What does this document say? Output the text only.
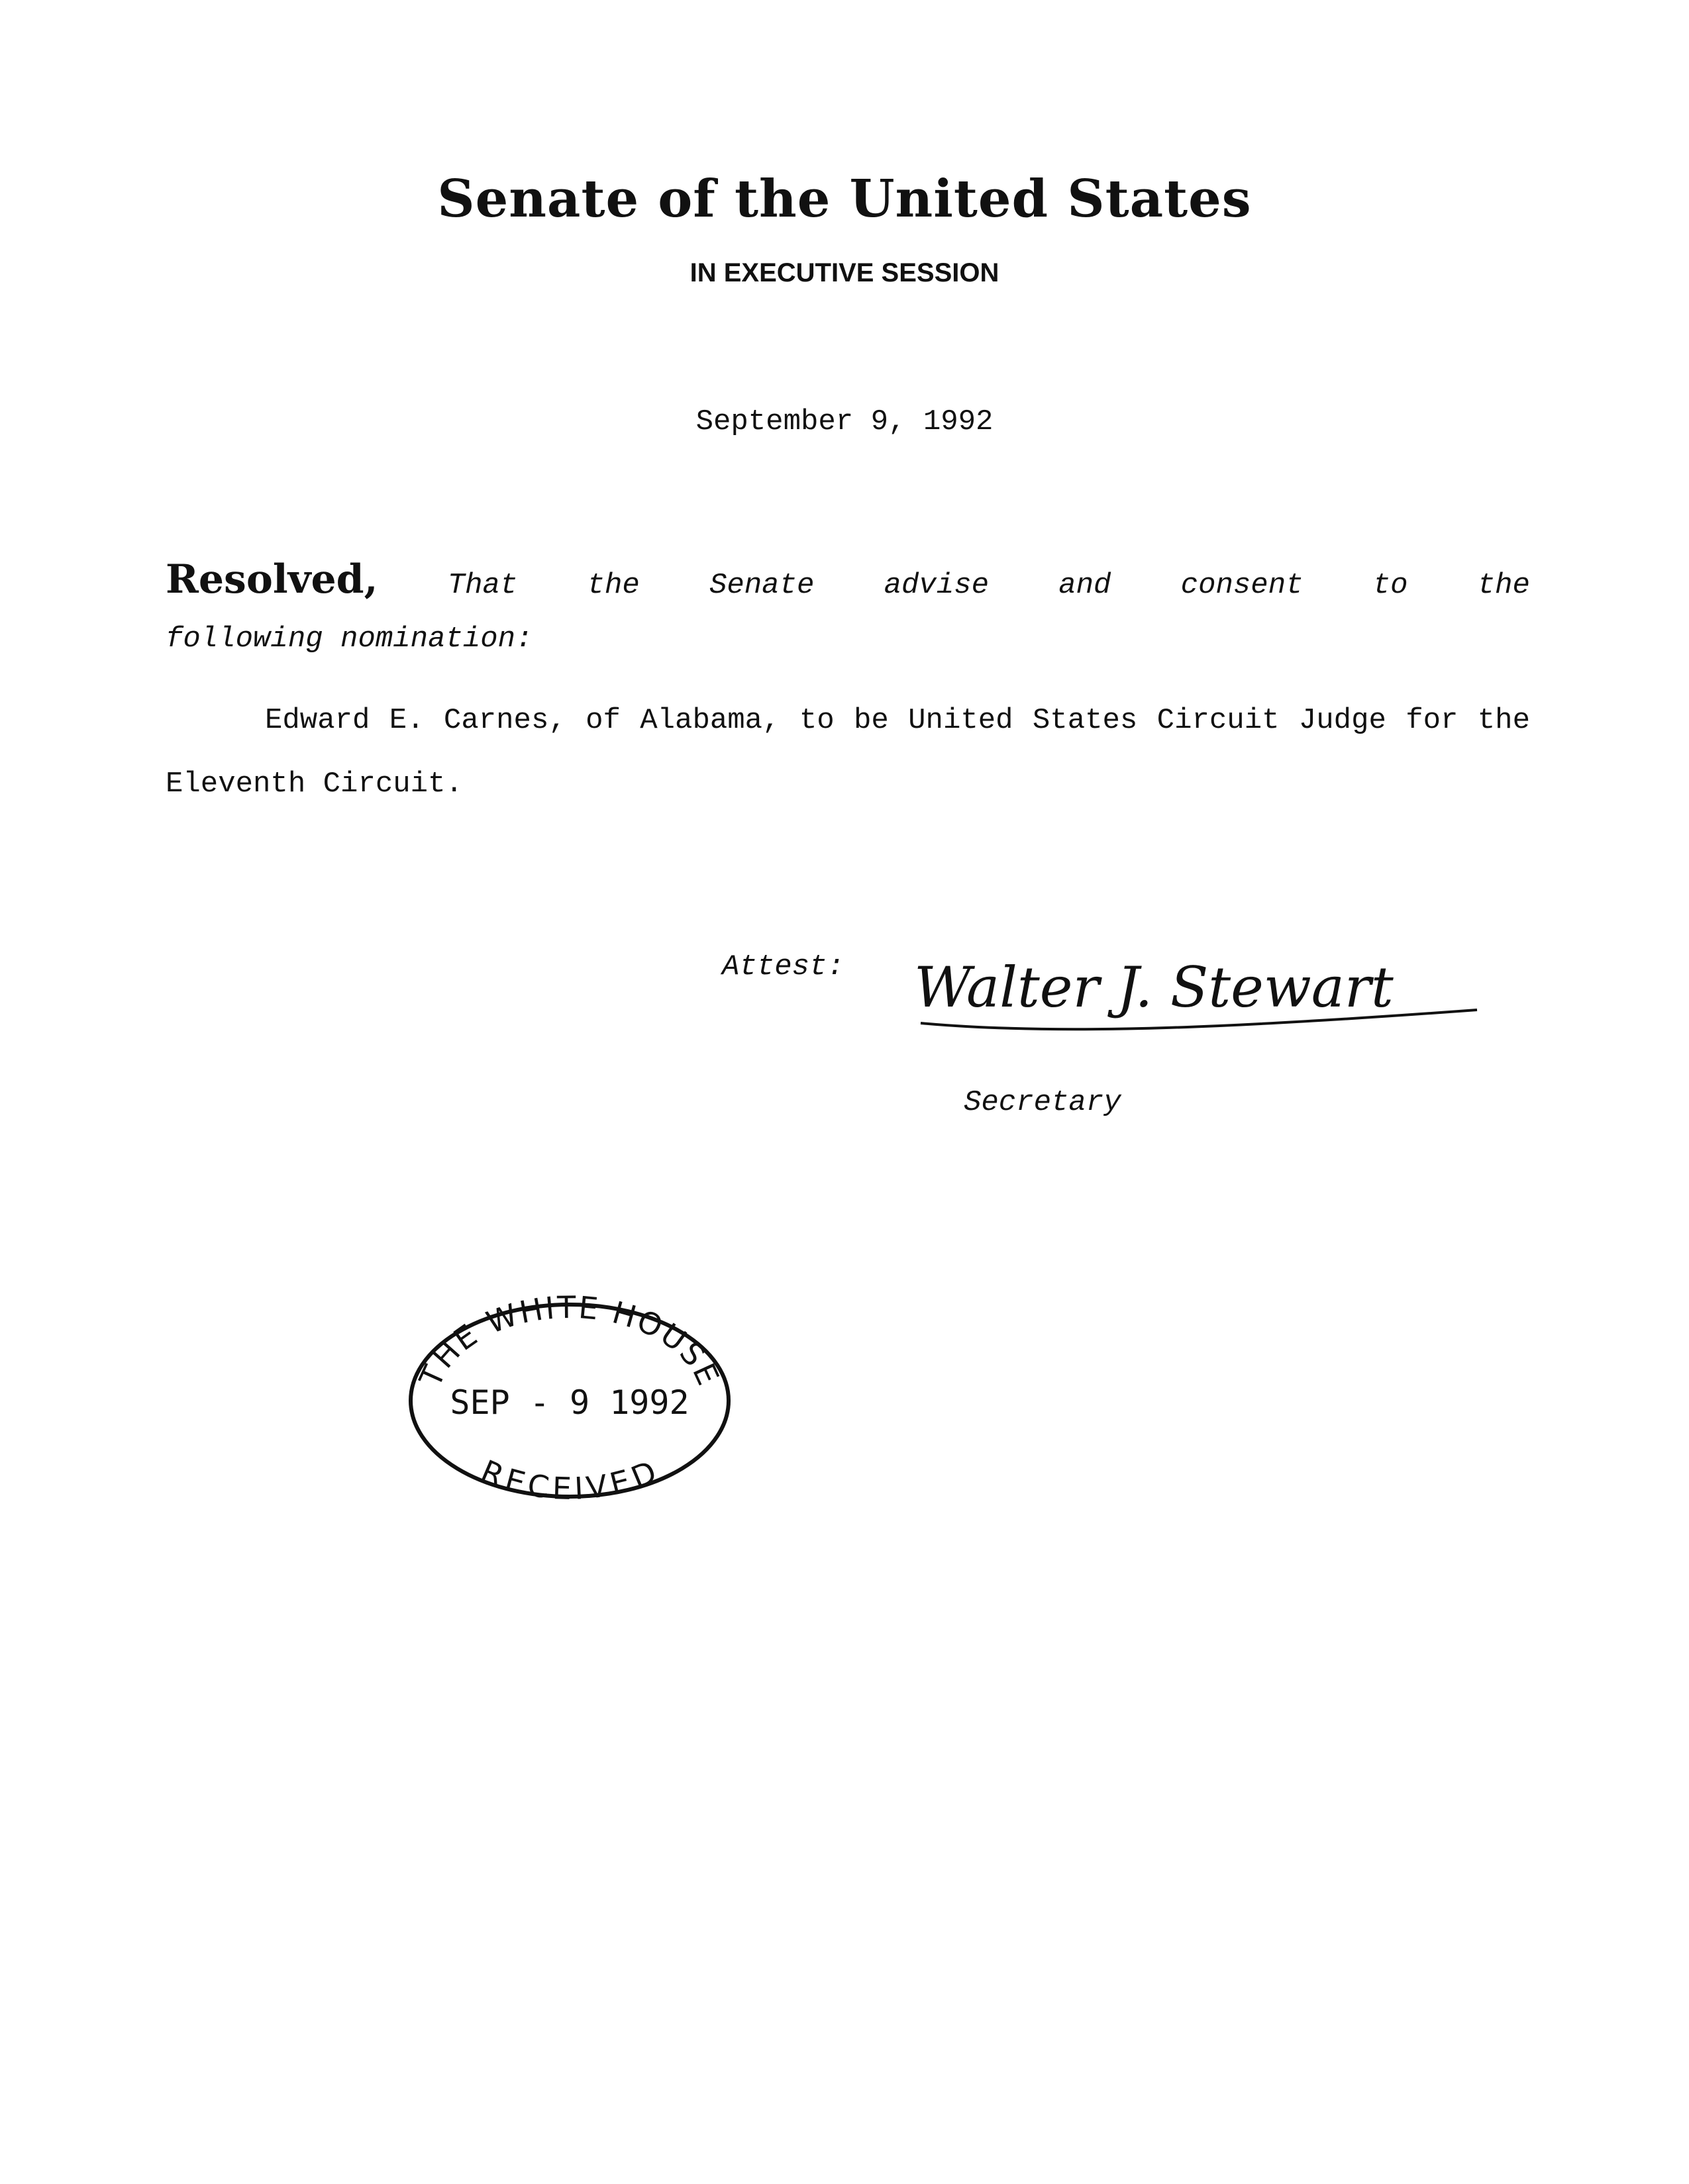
Senate of the United States
IN EXECUTIVE SESSION
September 9, 1992
Resolved, That the Senate advise and consent to the
following nomination:
Edward E. Carnes, of Alabama, to be United States Circuit Judge for the Eleventh Circuit.
Attest: Walter J. Stewart
Secretary
THE WHITE HOUSE
SEP - 9 1992
RECEIVED
